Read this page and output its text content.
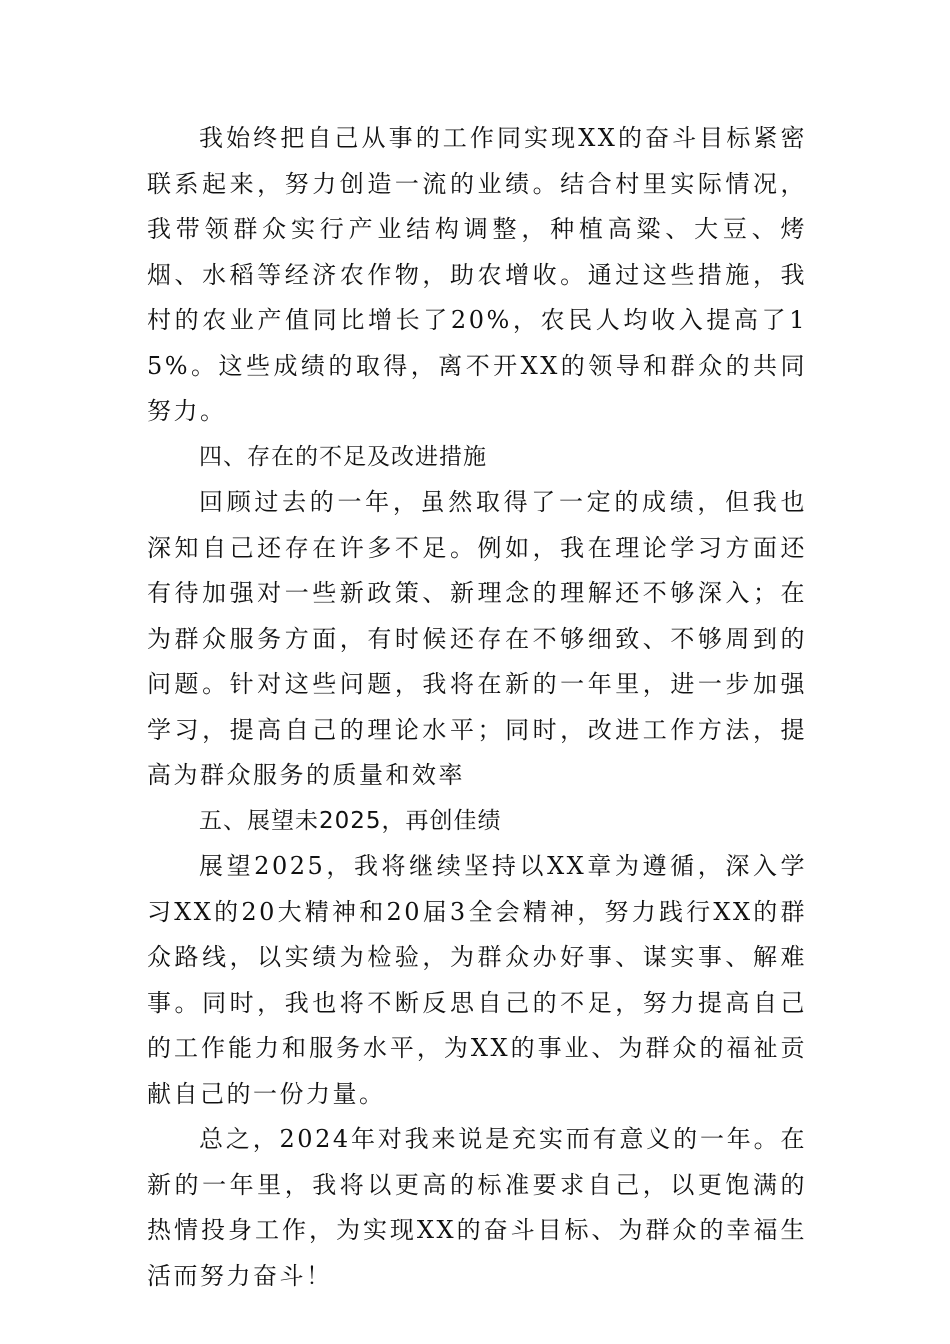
我始终把自己从事的工作同实现XX的奋斗目标紧密联系起来，努力创造一流的业绩。结合村里实际情况，我带领群众实行产业结构调整，种植高粱、大豆、烤烟、水稻等经济农作物，助农增收。通过这些措施，我村的农业产值同比增长了20%，农民人均收入提高了15%。这些成绩的取得，离不开XX的领导和群众的共同努力。

四、存在的不足及改进措施

回顾过去的一年，虽然取得了一定的成绩，但我也深知自己还存在许多不足。例如，我在理论学习方面还有待加强对一些新政策、新理念的理解还不够深入；在为群众服务方面，有时候还存在不够细致、不够周到的问题。针对这些问题，我将在新的一年里，进一步加强学习，提高自己的理论水平；同时，改进工作方法，提高为群众服务的质量和效率

五、展望未2025，再创佳绩

展望2025，我将继续坚持以XX章为遵循，深入学习XX的20大精神和20届3全会精神，努力践行XX的群众路线，以实绩为检验，为群众办好事、谋实事、解难事。同时，我也将不断反思自己的不足，努力提高自己的工作能力和服务水平，为XX的事业、为群众的福祉贡献自己的一份力量。

总之，2024年对我来说是充实而有意义的一年。在新的一年里，我将以更高的标准要求自己，以更饱满的热情投身工作，为实现XX的奋斗目标、为群众的幸福生活而努力奋斗！
